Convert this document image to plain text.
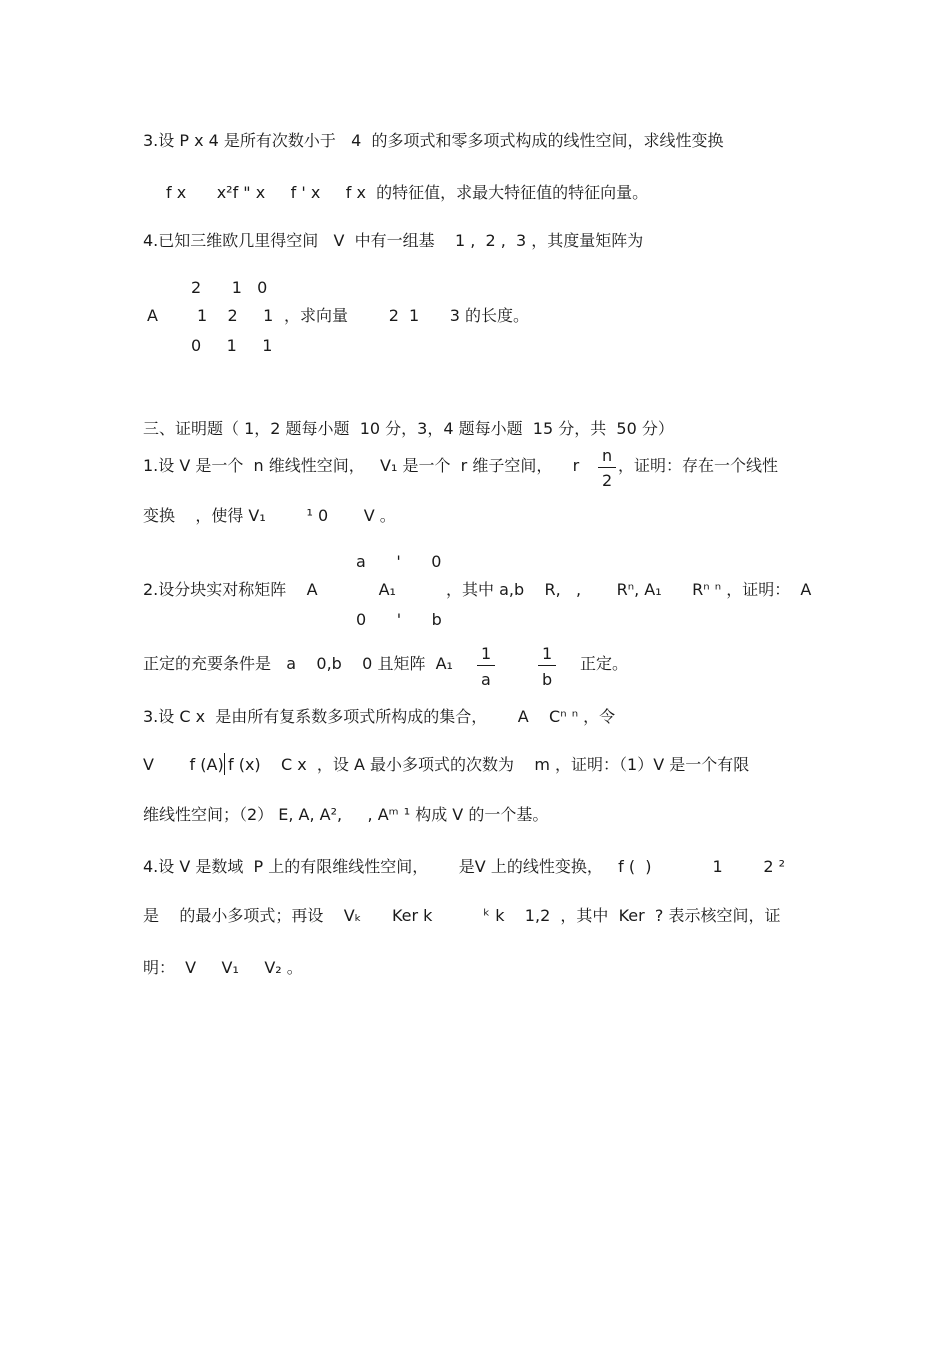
3.设 P x 4 是所有次数小于   4  的多项式和零多项式构成的线性空间，求线性变换
f x      x²f " x     f ' x     f x  的特征值，求最大特征值的特征向量。
4.已知三维欧几里得空间   V  中有一组基    1 ,  2 ,  3 ，其度量矩阵为
2      1   0
A 1    2     1 ，求向量        2  1      3 的长度。
0     1     1
三、证明题（ 1，2 题每小题  10 分，3，4 题每小题  15 分，共  50 分）
1.设 V 是一个  n 维线性空间，   V₁ 是一个  r 维子空间，    r
n
2
，证明：存在一个线性
变换    ，使得 V₁        ¹ 0       V 。
a      '      0
2.设分块实对称矩阵    A            A₁	，其中 a,b    R,   ,       Rⁿ, A₁      Rⁿ ⁿ ，证明：  A
0      '      b
正定的充要条件是   a    0,b    0 且矩阵  A₁
1
a
1
b
正定。
3.设 C x  是由所有复系数多项式所构成的集合，      A    Cⁿ ⁿ ，令
V       f (A) f (x)    C x  ，设 A 最小多项式的次数为    m ，证明：（1）V 是一个有限
维线性空间；（2） E, A, A²,     , Aᵐ ¹ 构成 V 的一个基。
4.设 V 是数域  P 上的有限维线性空间，      是V 上的线性变换，   f (  )            1        2 ²
是    的最小多项式；再设    Vₖ      Ker k          ᵏ k    1,2  ，其中  Ker  ? 表示核空间，证
明：  V     V₁     V₂ 。
